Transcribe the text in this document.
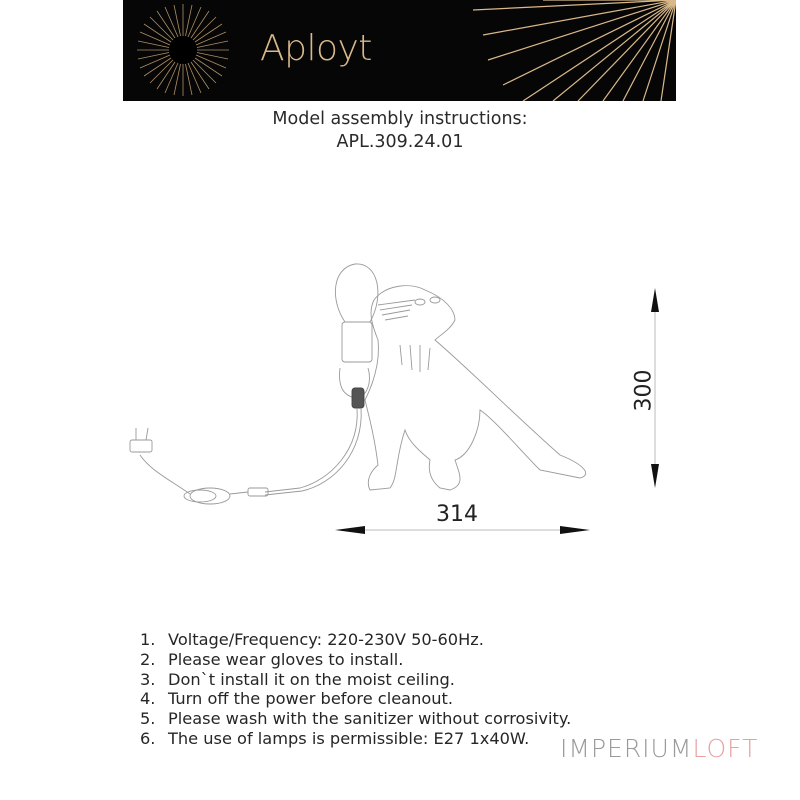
Aployt
Model assembly instructions:
APL.309.24.01
314
300
1. Voltage/Frequency: 220-230V 50-60Hz.
2. Please wear gloves to install.
3. Don`t install it on the moist ceiling.
4. Turn off the power before cleanout.
5. Please wash with the sanitizer without corrosivity.
6. The use of lamps is permissible: E27 1x40W. IMPERIUMLOFT
